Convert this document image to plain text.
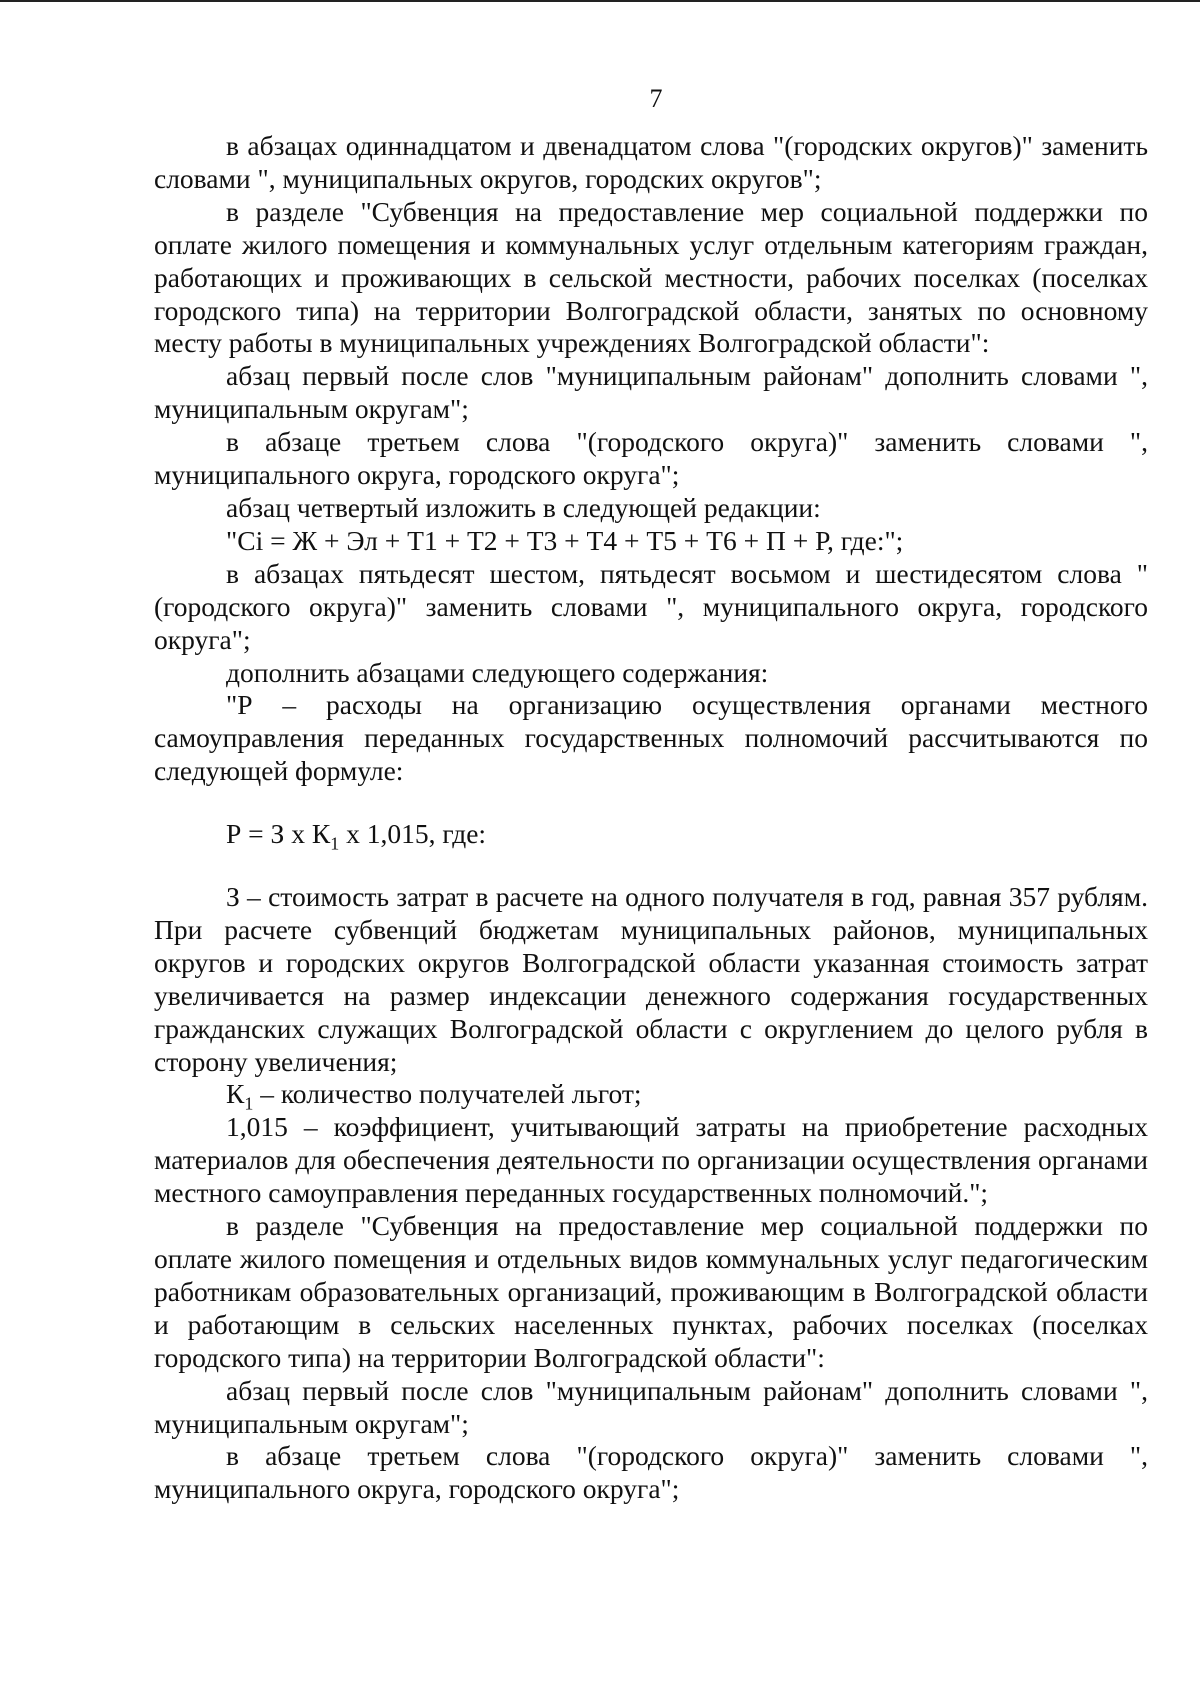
7

в абзацах одиннадцатом и двенадцатом слова "(городских округов)" заменить словами ", муниципальных округов, городских округов";

в разделе "Субвенция на предоставление мер социальной поддержки по оплате жилого помещения и коммунальных услуг отдельным категориям граждан, работающих и проживающих в сельской местности, рабочих поселках (поселках городского типа) на территории Волгоградской области, занятых по основному месту работы в муниципальных учреждениях Волгоградской области":

абзац первый после слов "муниципальным районам" дополнить словами ", муниципальным округам";

в абзаце третьем слова "(городского округа)" заменить словами ", муниципального округа, городского округа";

абзац четвертый изложить в следующей редакции:

"Ci = Ж + Эл + Т1 + Т2 + Т3 + Т4 + Т5 + Т6 + П + Р, где:";

в абзацах пятьдесят шестом, пятьдесят восьмом и шестидесятом слова "(городского округа)" заменить словами ", муниципального округа, городского округа";

дополнить абзацами следующего содержания:

"Р – расходы на организацию осуществления органами местного самоуправления переданных государственных полномочий рассчитываются по следующей формуле:

Р = З x $К_1$ x 1,015, где:

З – стоимость затрат в расчете на одного получателя в год, равная 357 рублям. При расчете субвенций бюджетам муниципальных районов, муниципальных округов и городских округов Волгоградской области указанная стоимость затрат увеличивается на размер индексации денежного содержания государственных гражданских служащих Волгоградской области с округлением до целого рубля в сторону увеличения;

$К_1$ – количество получателей льгот;

1,015 – коэффициент, учитывающий затраты на приобретение расходных материалов для обеспечения деятельности по организации осуществления органами местного самоуправления переданных государственных полномочий.";

в разделе "Субвенция на предоставление мер социальной поддержки по оплате жилого помещения и отдельных видов коммунальных услуг педагогическим работникам образовательных организаций, проживающим в Волгоградской области и работающим в сельских населенных пунктах, рабочих поселках (поселках городского типа) на территории Волгоградской области":

абзац первый после слов "муниципальным районам" дополнить словами ", муниципальным округам";

в абзаце третьем слова "(городского округа)" заменить словами ", муниципального округа, городского округа";
